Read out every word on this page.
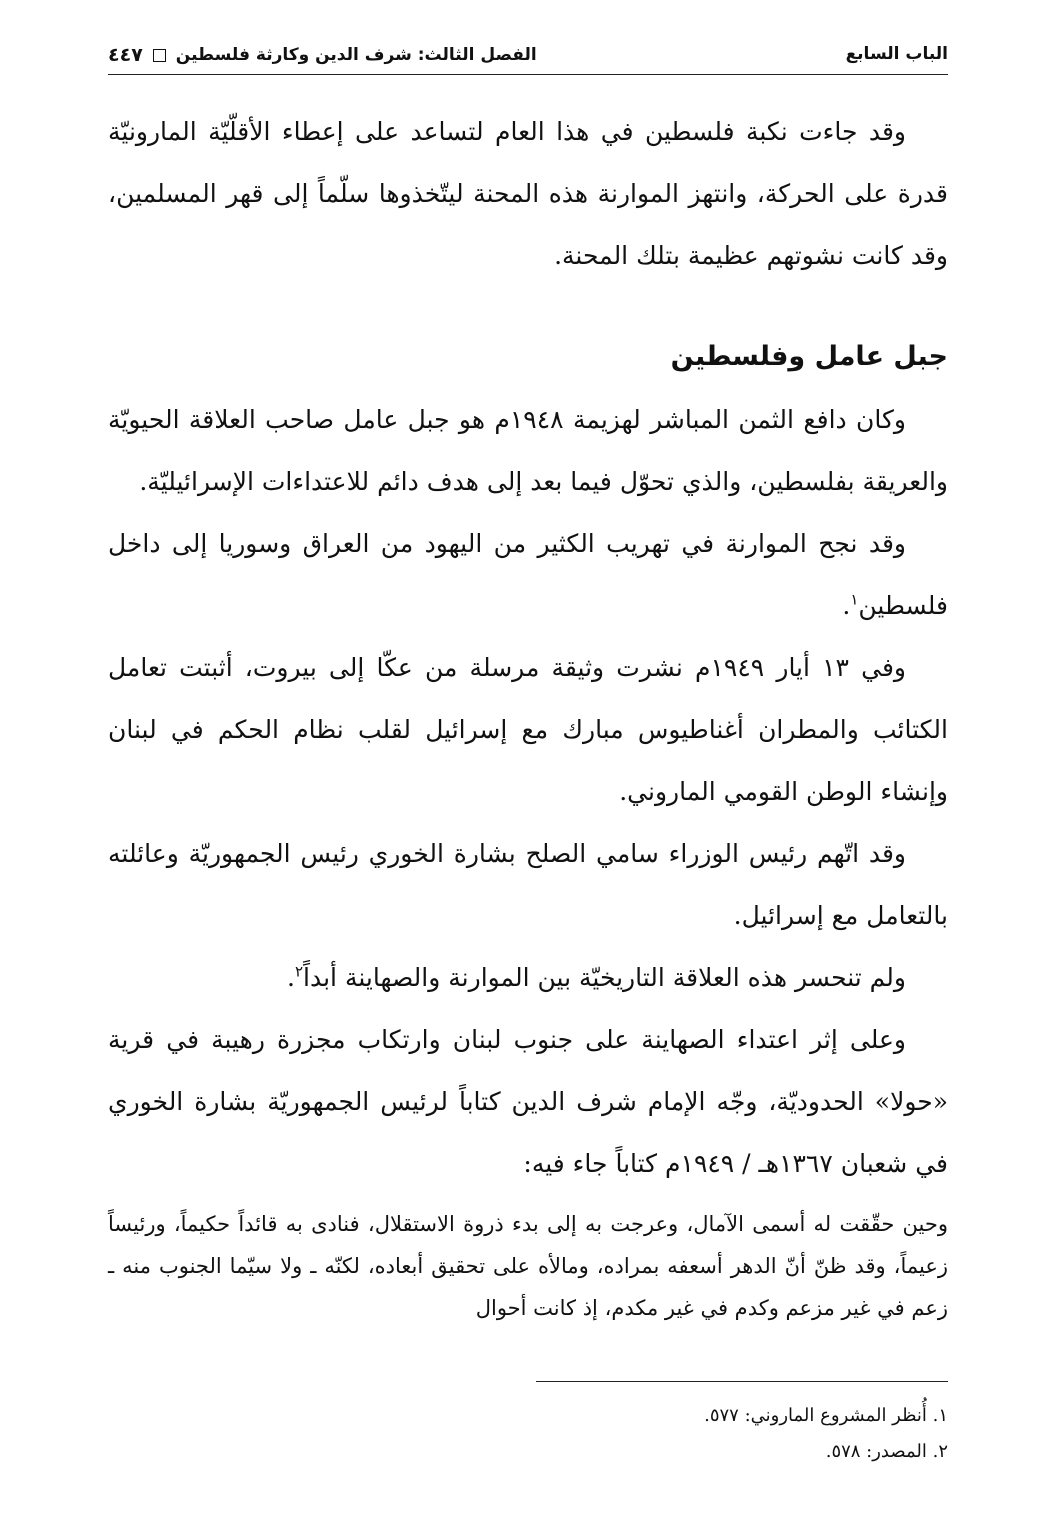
الباب السابع
الفصل الثالث: شرف الدين وكارثة فلسطين
٤٤٧

وقد جاءت نكبة فلسطين في هذا العام لتساعد على إعطاء الأقلّيّة المارونيّة قدرة على الحركة، وانتهز الموارنة هذه المحنة ليتّخذوها سلّماً إلى قهر المسلمين، وقد كانت نشوتهم عظيمة بتلك المحنة.

جبل عامل وفلسطين

وكان دافع الثمن المباشر لهزيمة ١٩٤٨م هو جبل عامل صاحب العلاقة الحيويّة والعريقة بفلسطين، والذي تحوّل فيما بعد إلى هدف دائم للاعتداءات الإسرائيليّة.

وقد نجح الموارنة في تهريب الكثير من اليهود من العراق وسوريا إلى داخل فلسطين$^١$.

وفي ١٣ أيار ١٩٤٩م نشرت وثيقة مرسلة من عكّا إلى بيروت، أثبتت تعامل الكتائب والمطران أغناطيوس مبارك مع إسرائيل لقلب نظام الحكم في لبنان وإنشاء الوطن القومي الماروني.

وقد اتّهم رئيس الوزراء سامي الصلح بشارة الخوري رئيس الجمهوريّة وعائلته بالتعامل مع إسرائيل.

ولم تنحسر هذه العلاقة التاريخيّة بين الموارنة والصهاينة أبداً$^٢$.

وعلى إثر اعتداء الصهاينة على جنوب لبنان وارتكاب مجزرة رهيبة في قرية «حولا» الحدوديّة، وجّه الإمام شرف الدين كتاباً لرئيس الجمهوريّة بشارة الخوري في شعبان ١٣٦٧هـ / ١٩٤٩م كتاباً جاء فيه:

وحين حقّقت له أسمى الآمال، وعرجت به إلى بدء ذروة الاستقلال، فنادى به قائداً حكيماً، ورئيساً زعيماً، وقد ظنّ أنّ الدهر أسعفه بمراده، ومالأه على تحقيق أبعاده، لكنّه ـ ولا سيّما الجنوب منه ـ زعم في غير مزعم وكدم في غير مكدم، إذ كانت أحوال

١. أُنظر المشروع الماروني: ٥٧٧.

٢. المصدر: ٥٧٨.
